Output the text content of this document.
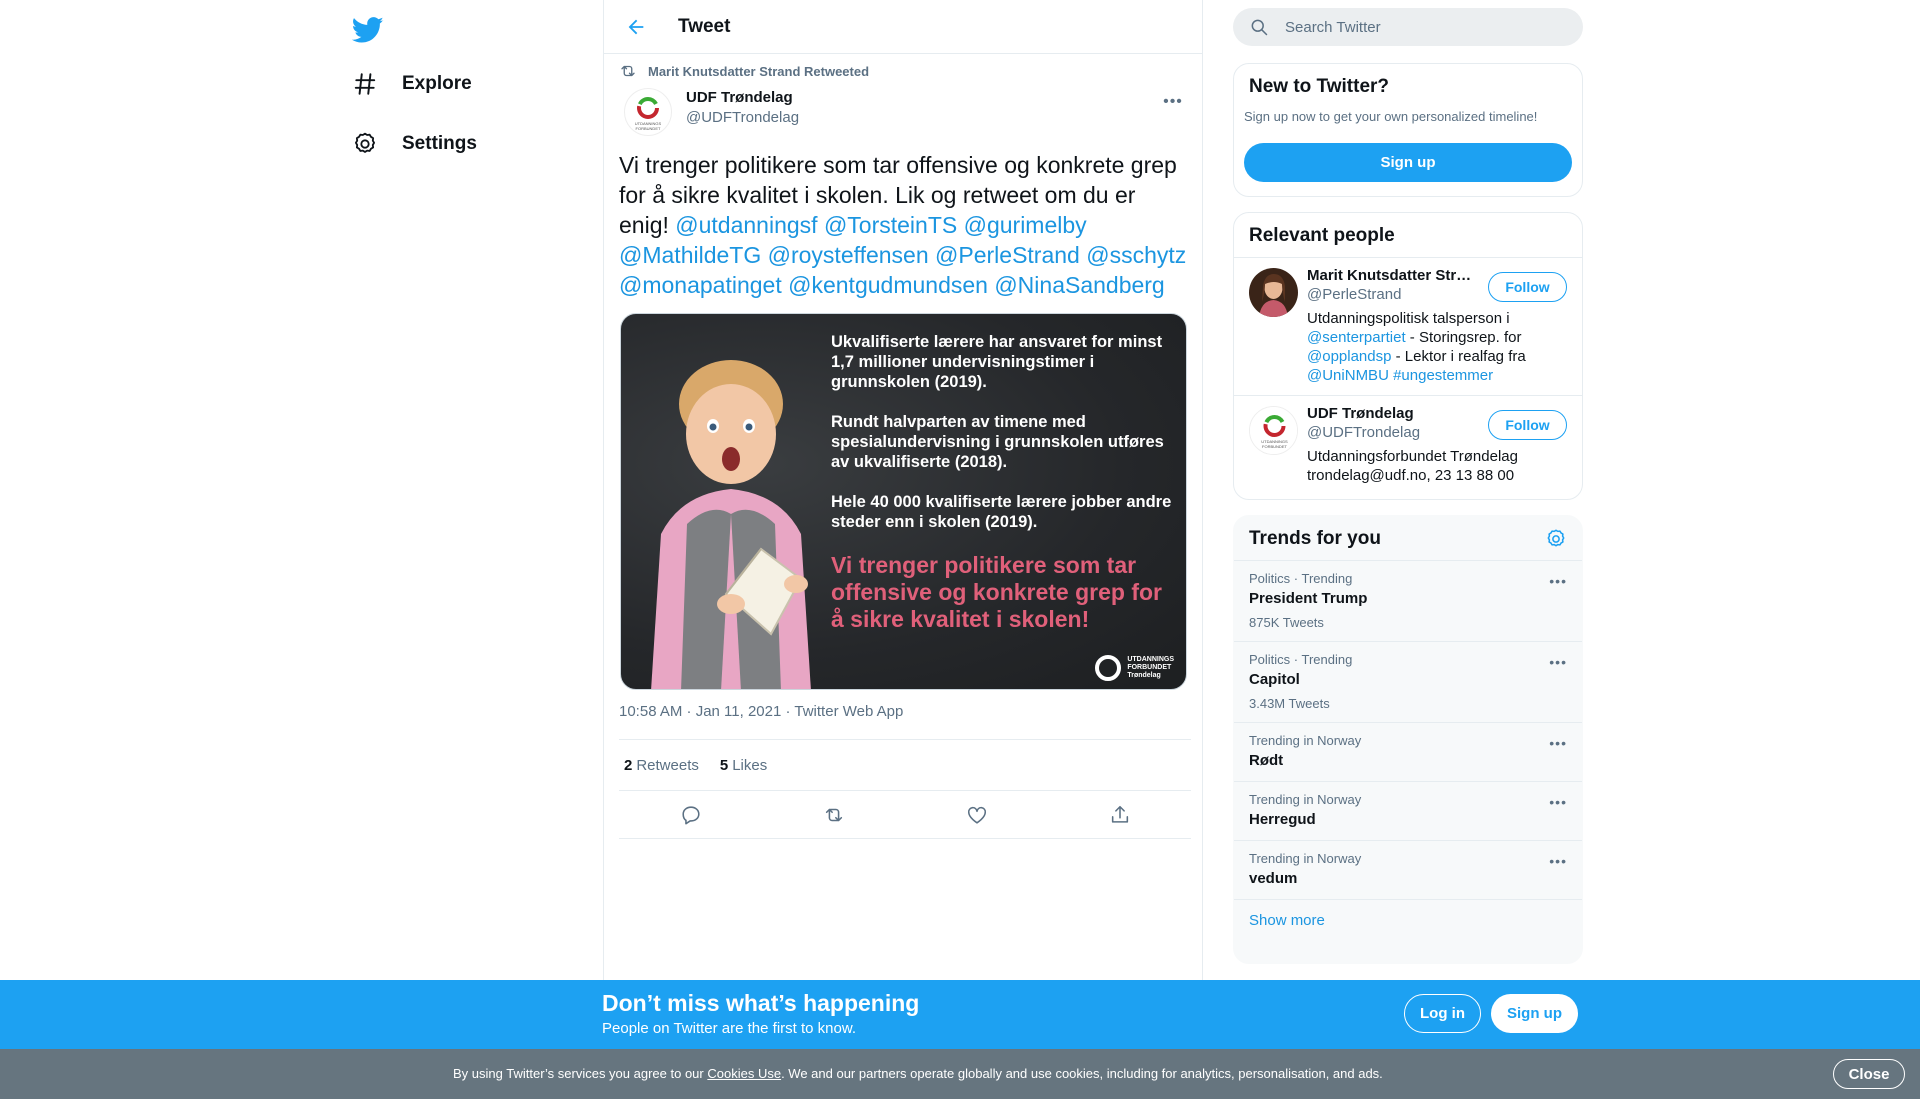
Explore
Settings
Tweet
Marit Knutsdatter Strand Retweeted
UTDANNINGS
FORBUNDET
UDF Trøndelag
@UDFTrondelag
•••
Vi trenger politikere som tar offensive og konkrete grep for å sikre kvalitet i skolen. Lik og retweet om du er enig! @utdanningsf @TorsteinTS @gurimelby @MathildeTG @roysteffensen @PerleStrand @sschytz @monapatinget @kentgudmundsen @NinaSandberg
Ukvalifiserte lærere har ansvaret for minst 1,7 millioner undervisningstimer i grunnskolen (2019).
Rundt halvparten av timene med spesialundervisning i grunnskolen utføres av ukvalifiserte (2018).
Hele 40 000 kvalifiserte lærere jobber andre steder enn i skolen (2019).
Vi trenger politikere som tar offensive og konkrete grep for å sikre kvalitet i skolen!
UTDANNINGS
FORBUNDET
Trøndelag
10:58 AM · Jan 11, 2021 · Twitter Web App
2 Retweets 5 Likes
Search Twitter
New to Twitter?
Sign up now to get your own personalized timeline!
Sign up
Relevant people
Marit Knutsdatter Str…
@PerleStrand
Utdanningspolitisk talsperson i @senterpartiet - Storingsrep. for @opplandsp - Lektor i realfag fra @UniNMBU #ungestemmer
Follow
UTDANNINGS
FORBUNDET
UDF Trøndelag
@UDFTrondelag
Utdanningsforbundet Trøndelag trondelag@udf.no, 23 13 88 00
Follow
Trends for you
Politics · Trending
President Trump
875K Tweets
•••
Politics · Trending
Capitol
3.43M Tweets
•••
Trending in Norway
Rødt
•••
Trending in Norway
Herregud
•••
Trending in Norway
vedum
•••
Show more
Don’t miss what’s happening
People on Twitter are the first to know.
Log in	Sign up
By using Twitter’s services you agree to our Cookies Use. We and our partners operate globally and use cookies, including for analytics, personalisation, and ads.	Close
